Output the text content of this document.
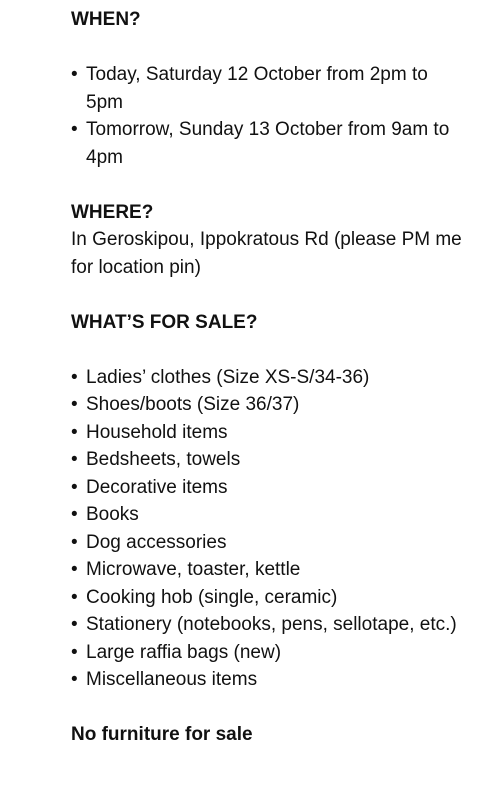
WHEN?

• Today, Saturday 12 October from 2pm to 5pm
• Tomorrow, Sunday 13 October from 9am to 4pm

WHERE?

In Geroskipou, Ippokratous Rd (please PM me for location pin)

WHAT’S FOR SALE?

• Ladies’ clothes (Size XS-S/34-36)
• Shoes/boots (Size 36/37)
• Household items
• Bedsheets, towels
• Decorative items
• Books
• Dog accessories
• Microwave, toaster, kettle
• Cooking hob (single, ceramic)
• Stationery (notebooks, pens, sellotape, etc.)
• Large raffia bags (new)
• Miscellaneous items

No furniture for sale
